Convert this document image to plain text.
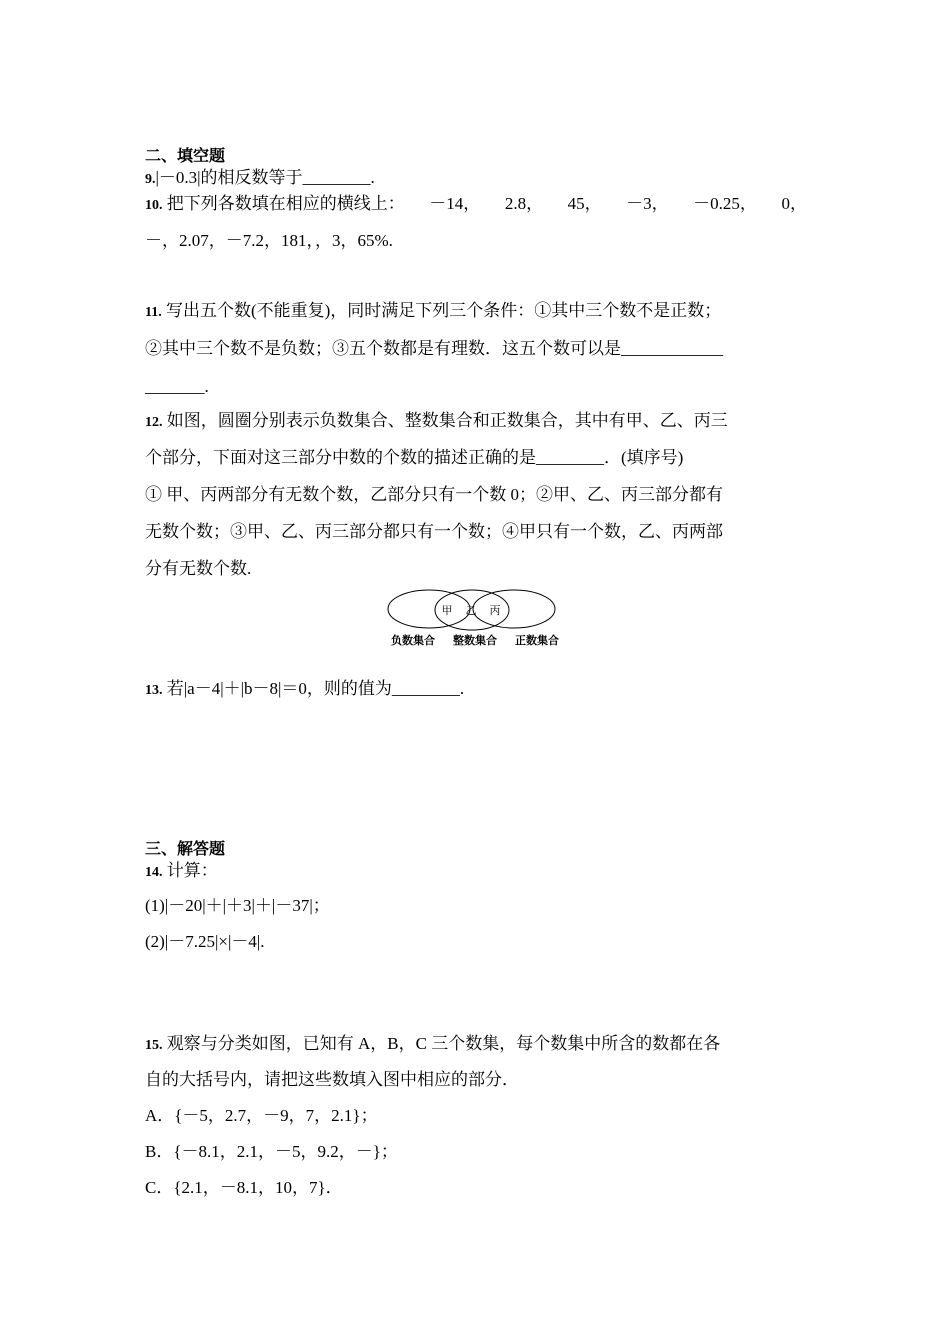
二、填空题
9.|－0.3|的相反数等于________.
10. 把下列各数填在相应的横线上： －14， 2.8， 45， －3， －0.25， 0，
－，2.07，－7.2，181，，3，65%.
11. 写出五个数(不能重复)，同时满足下列三个条件：①其中三个数不是正数；
②其中三个数不是负数；③五个数都是有理数．这五个数可以是____________
_______.
12. 如图，圆圈分别表示负数集合、整数集合和正数集合，其中有甲、乙、丙三
个部分，下面对这三部分中数的个数的描述正确的是________．(填序号)
① 甲、丙两部分有无数个数，乙部分只有一个数 0；②甲、乙、丙三部分都有
无数个数；③甲、乙、丙三部分都只有一个数；④甲只有一个数，乙、丙两部
分有无数个数.
甲 乙 丙
负数集合 整数集合 正数集合
13. 若|a－4|＋|b－8|＝0，则的值为________.
三、解答题
14. 计算：
(1)|－20|＋|＋3|＋|－37|；
(2)|－7.25|×|－4|.
15. 观察与分类如图，已知有 A，B，C 三个数集，每个数集中所含的数都在各
自的大括号内，请把这些数填入图中相应的部分．
A．{－5，2.7，－9，7，2.1}；
B．{－8.1，2.1，－5，9.2，－}；
C．{2.1，－8.1，10，7}．
